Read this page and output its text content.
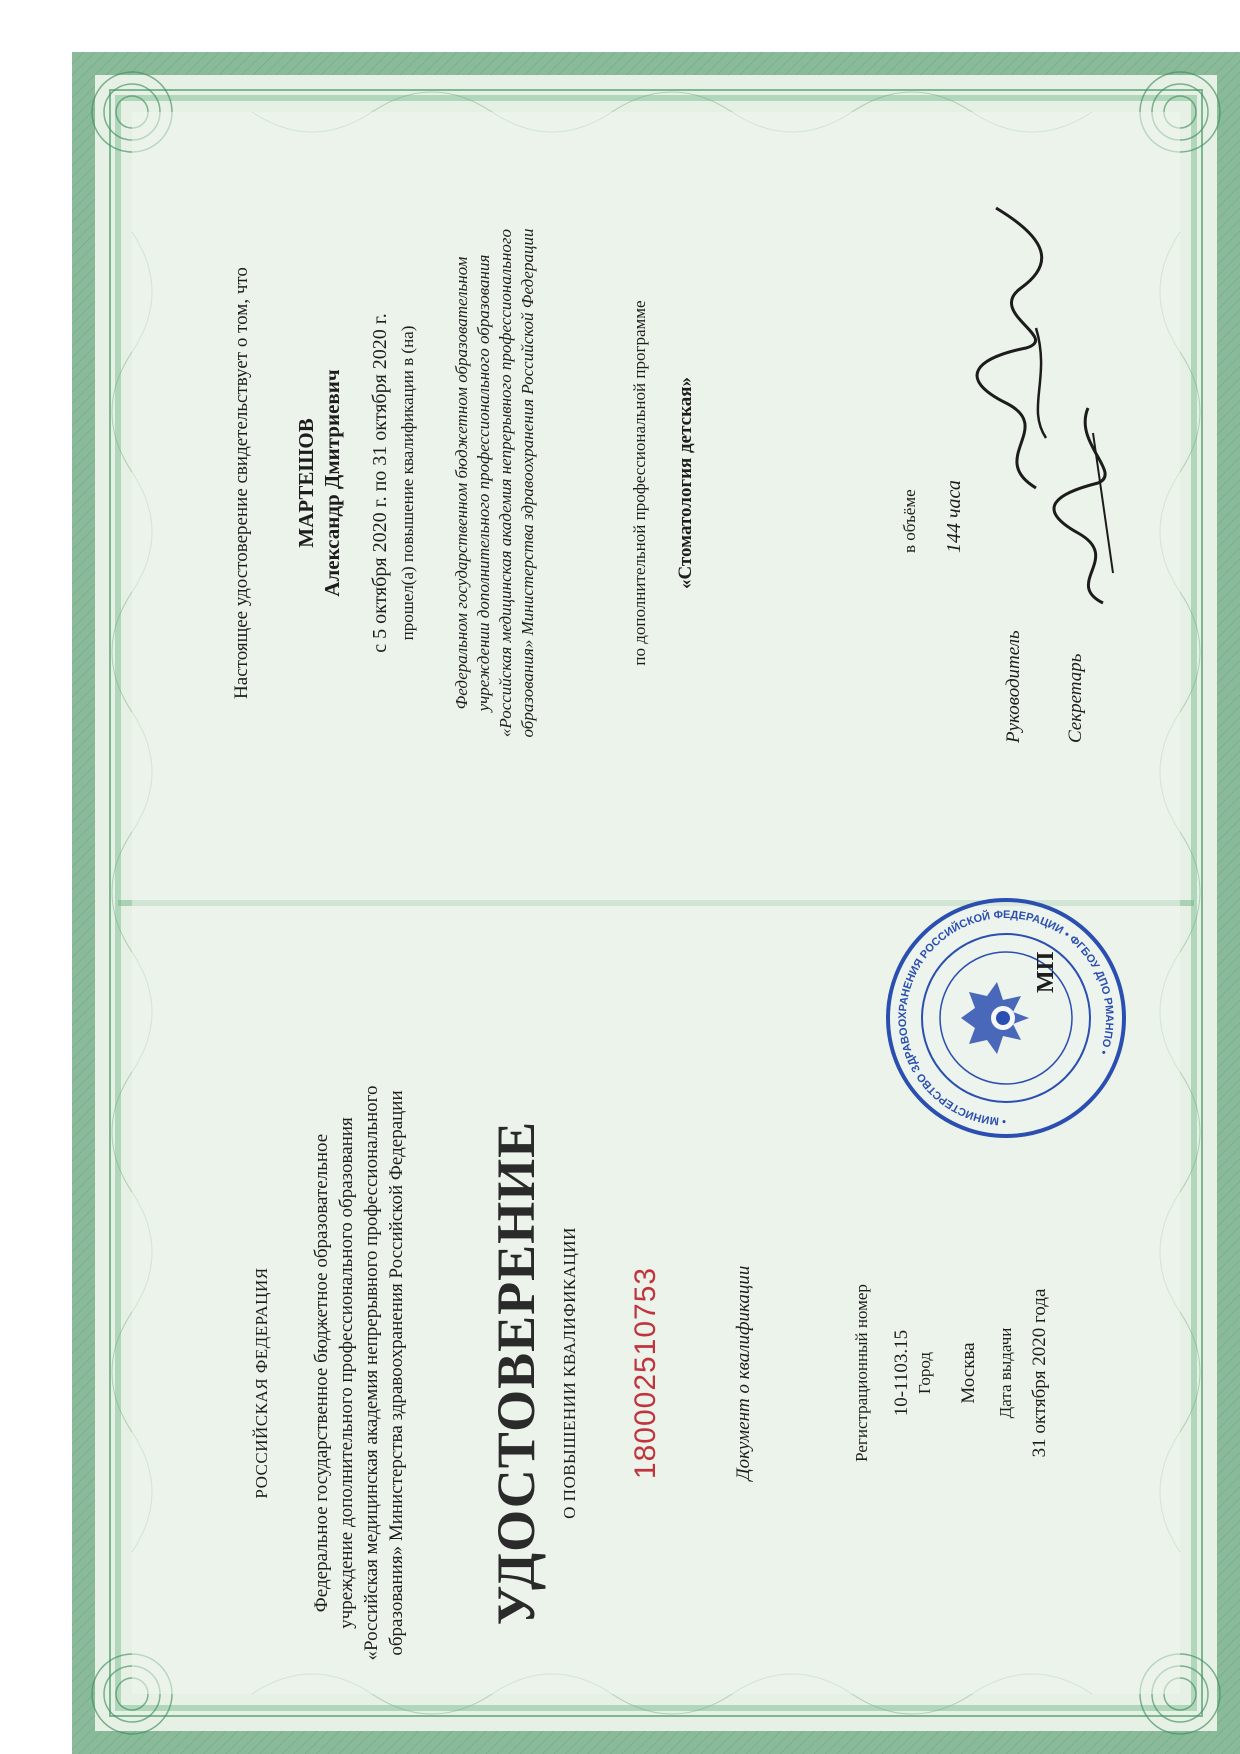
РОССИЙСКАЯ ФЕДЕРАЦИЯ Федеральное государственное бюджетное образовательное учреждение дополнительного профессионального образования «Российская медицинская академия непрерывного профессионального образования» Министерства здравоохранения Российской Федерации УДОСТОВЕРЕНИЕ О ПОВЫШЕНИИ КВАЛИФИКАЦИИ 180002510753	Документ о квалификации	Регистрационный номер 10-1103.15 Город Москва Дата выдачи 31 октября 2020 года
Настоящее удостоверение свидетельствует о том, что МАРТЕШОВ Александр Дмитриевич с 5 октября 2020 г. по 31 октября 2020 г. прошел(а) повышение квалификации в (на) Федеральном государственном бюджетном образовательном учреждении дополнительного профессионального образования «Российская медицинская академия непрерывного профессионального образования» Министерства здравоохранения Российской Федерации	по дополнительной профессиональной программе «Стоматология детская»	в объёме 144 часа
Руководитель Секретарь
• МИНИСТЕРСТВО ЗДРАВООХРАНЕНИЯ РОССИЙСКОЙ ФЕДЕРАЦИИ • ФГБОУ ДПО РМАНПО •
МП
